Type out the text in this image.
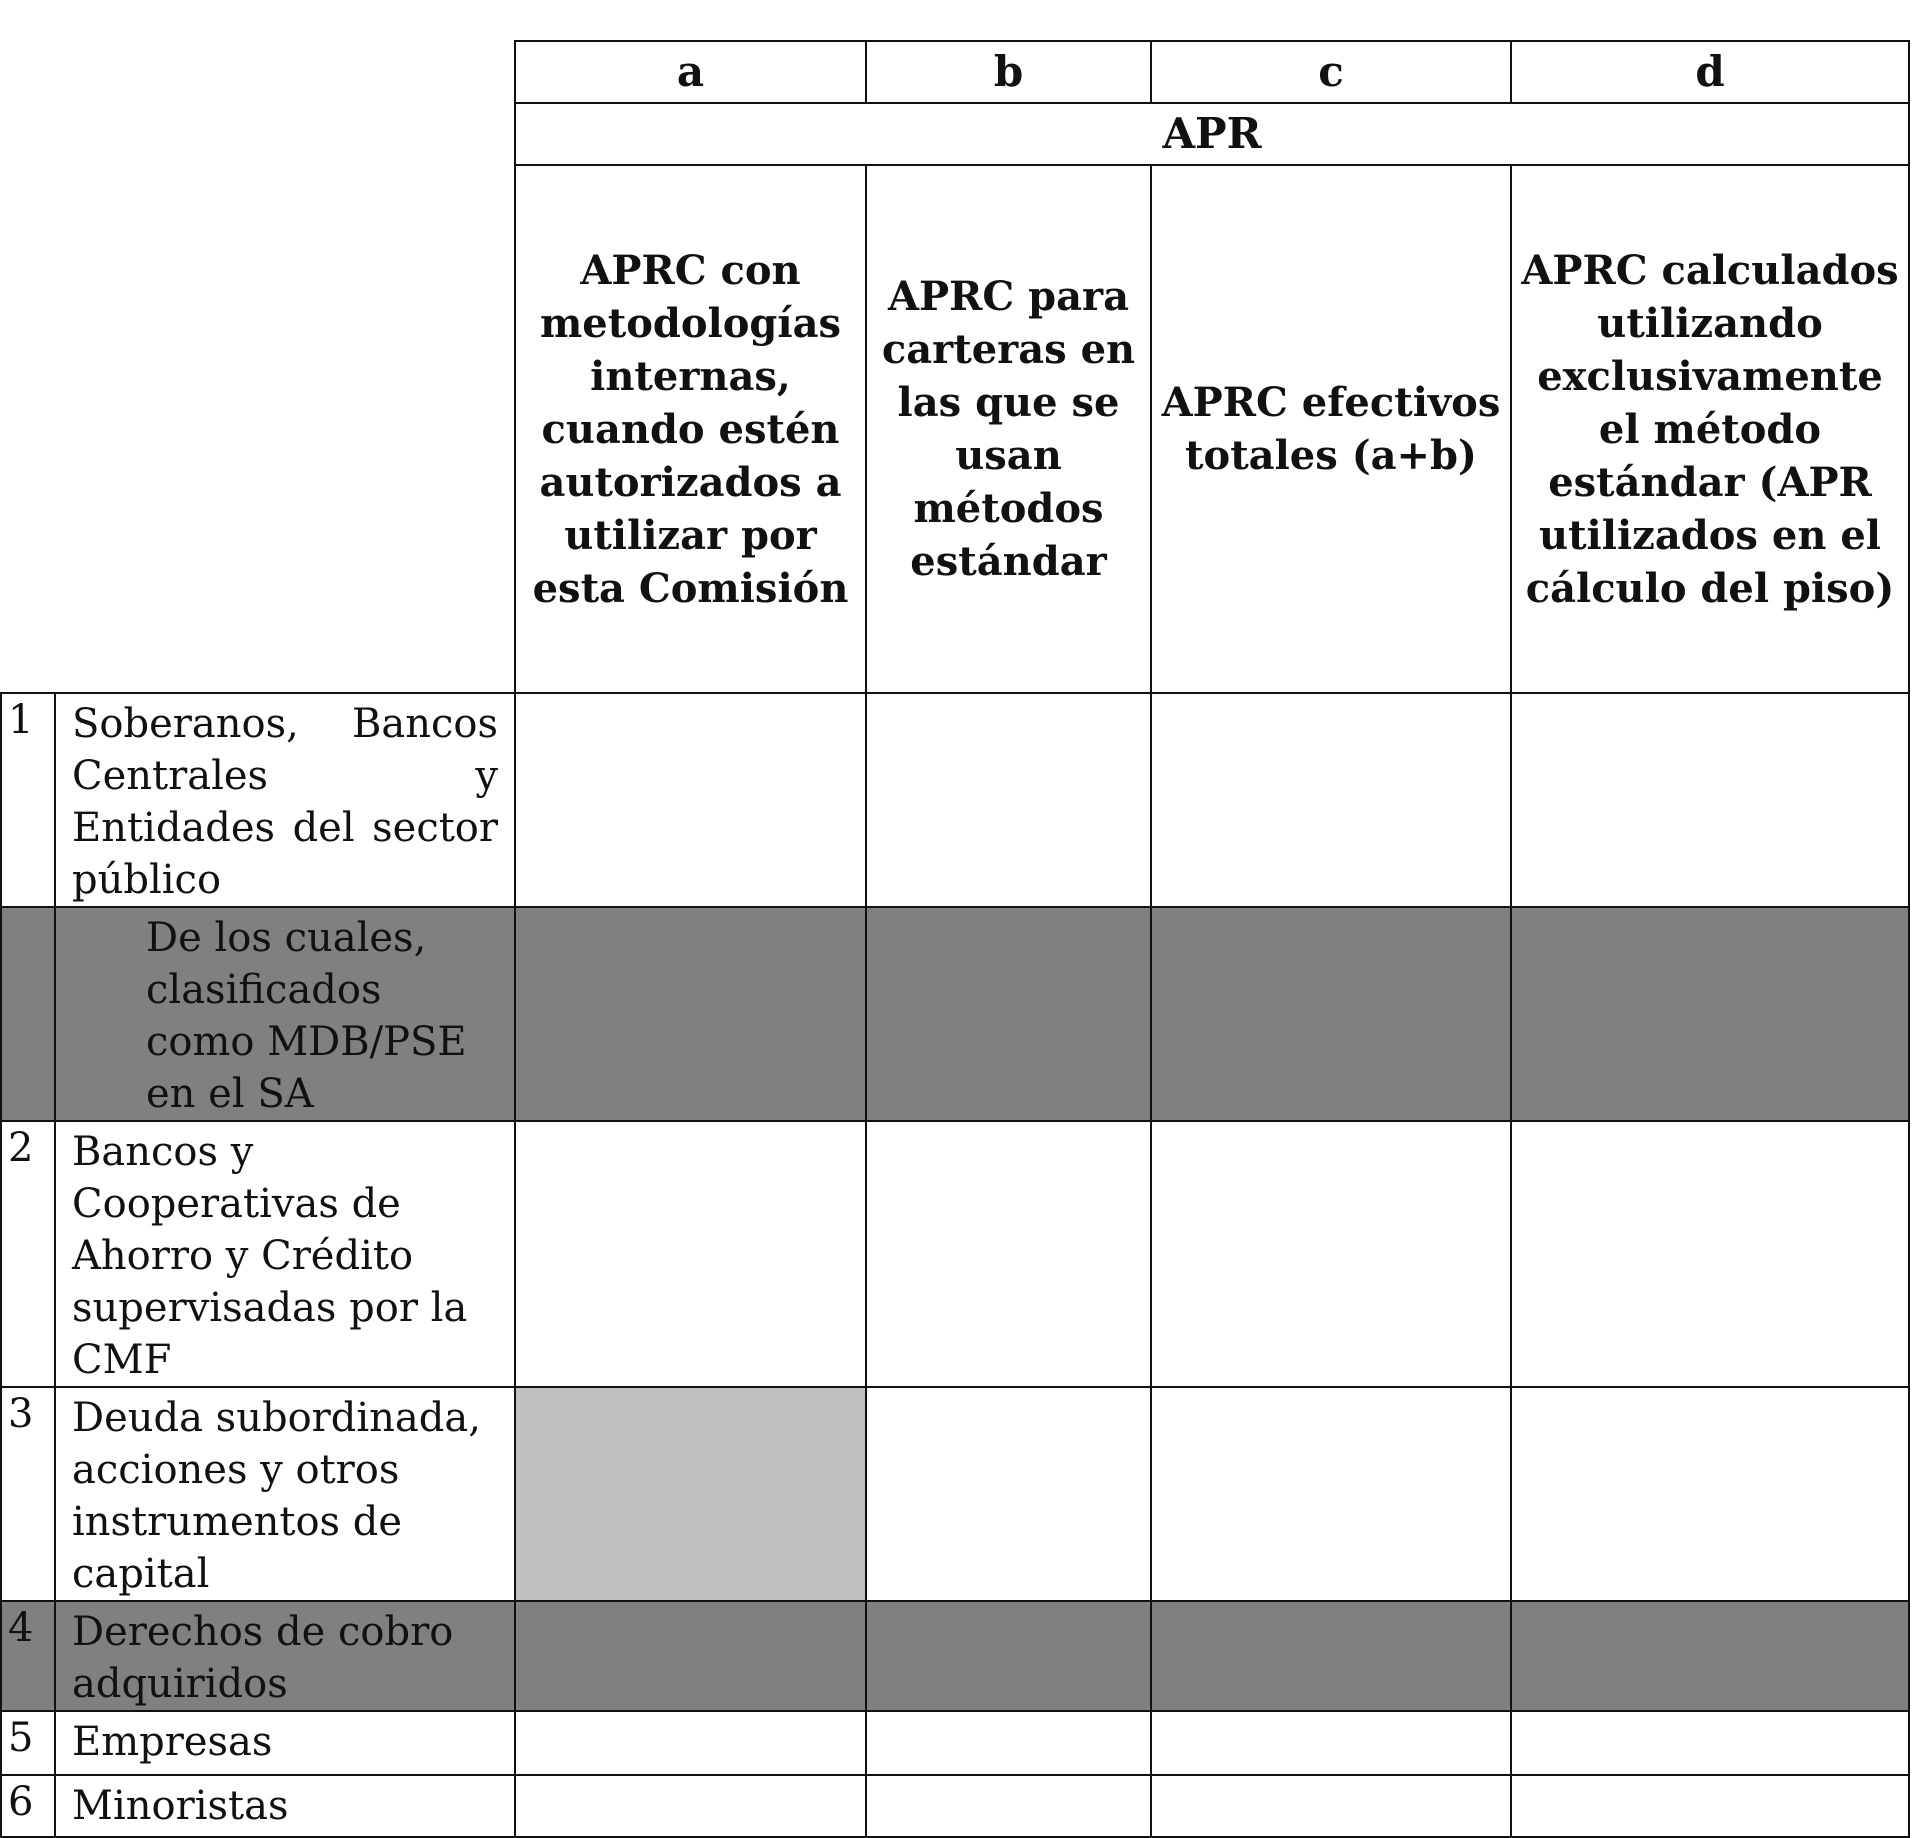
		a	b	c	d
		APR			
		APRC con metodologías internas, cuando estén autorizados a utilizar por esta Comisión	APRC para carteras en las que se usan métodos estándar	APRC efectivos totales (a+b)	APRC calculados utilizando exclusivamente el método estándar (APR utilizados en el cálculo del piso)
1	Soberanos, Bancos Centrales y Entidades del sector público				
	De los cuales, clasificados como MDB/PSE en el SA				
2	Bancos y Cooperativas de Ahorro y Crédito supervisadas por la CMF				
3	Deuda subordinada, acciones y otros instrumentos de capital				
4	Derechos de cobro adquiridos				
5	Empresas				
6	Minoristas				
